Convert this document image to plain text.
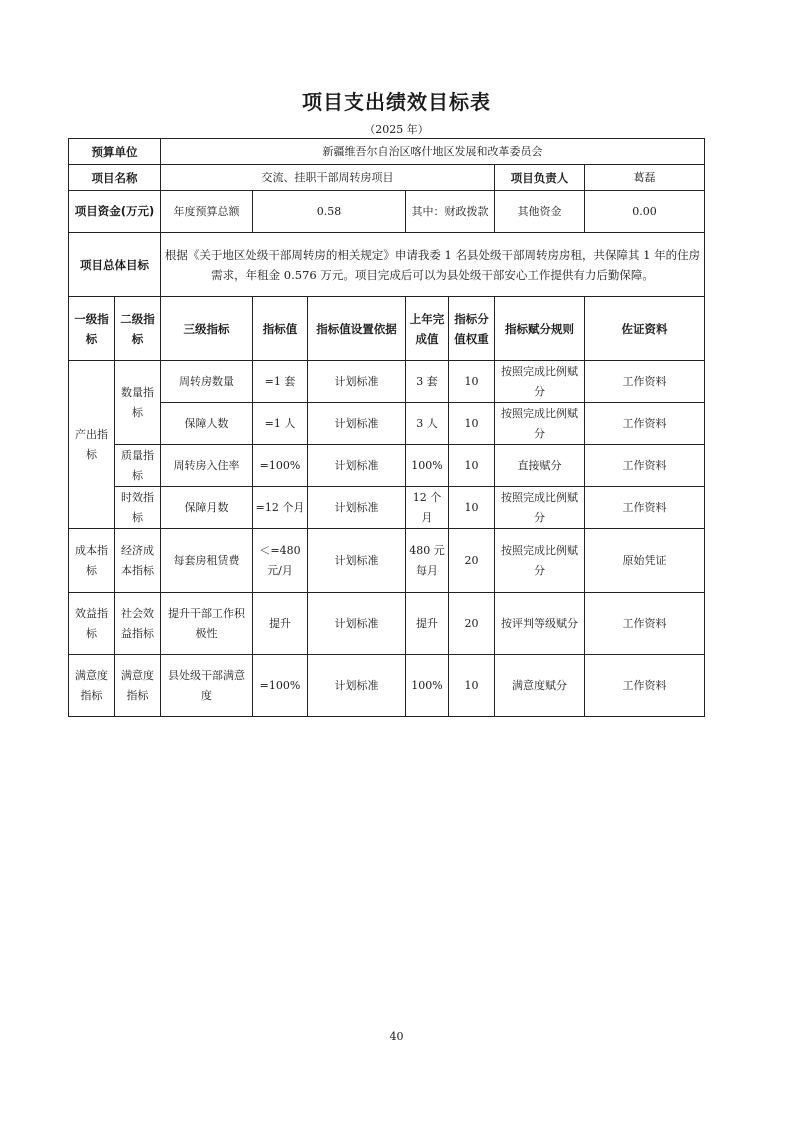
项目支出绩效目标表
（2025 年）
预算单位		新疆维吾尔自治区喀什地区发展和改革委员会						
项目名称		交流、挂职干部周转房项目					项目负责人	葛磊
项目资金(万元)		年度预算总额	0.58		其中：财政拨款		其他资金	0.00
项目总体目标		根据《关于地区处级干部周转房的相关规定》申请我委 1 名县处级干部周转房房租，共保障其 1 年的住房需求，年租金 0.576 万元。项目完成后可以为县处级干部安心工作提供有力后勤保障。						
一级指标	二级指标	三级指标	指标值	指标值设置依据	上年完成值	指标分值权重	指标赋分规则	佐证资料
产出指标	数量指标	周转房数量	=1 套	计划标准	3 套	10	按照完成比例赋分	工作资料
		保障人数	=1 人	计划标准	3 人	10	按照完成比例赋分	工作资料
	质量指标	周转房入住率	=100%	计划标准	100%	10	直接赋分	工作资料
	时效指标	保障月数	=12 个月	计划标准	12 个月	10	按照完成比例赋分	工作资料
成本指标	经济成本指标	每套房租赁费	＜=480 元/月	计划标准	480 元每月	20	按照完成比例赋分	原始凭证
效益指标	社会效益指标	提升干部工作积极性	提升	计划标准	提升	20	按评判等级赋分	工作资料
满意度指标	满意度指标	县处级干部满意度	=100%	计划标准	100%	10	满意度赋分	工作资料
40
